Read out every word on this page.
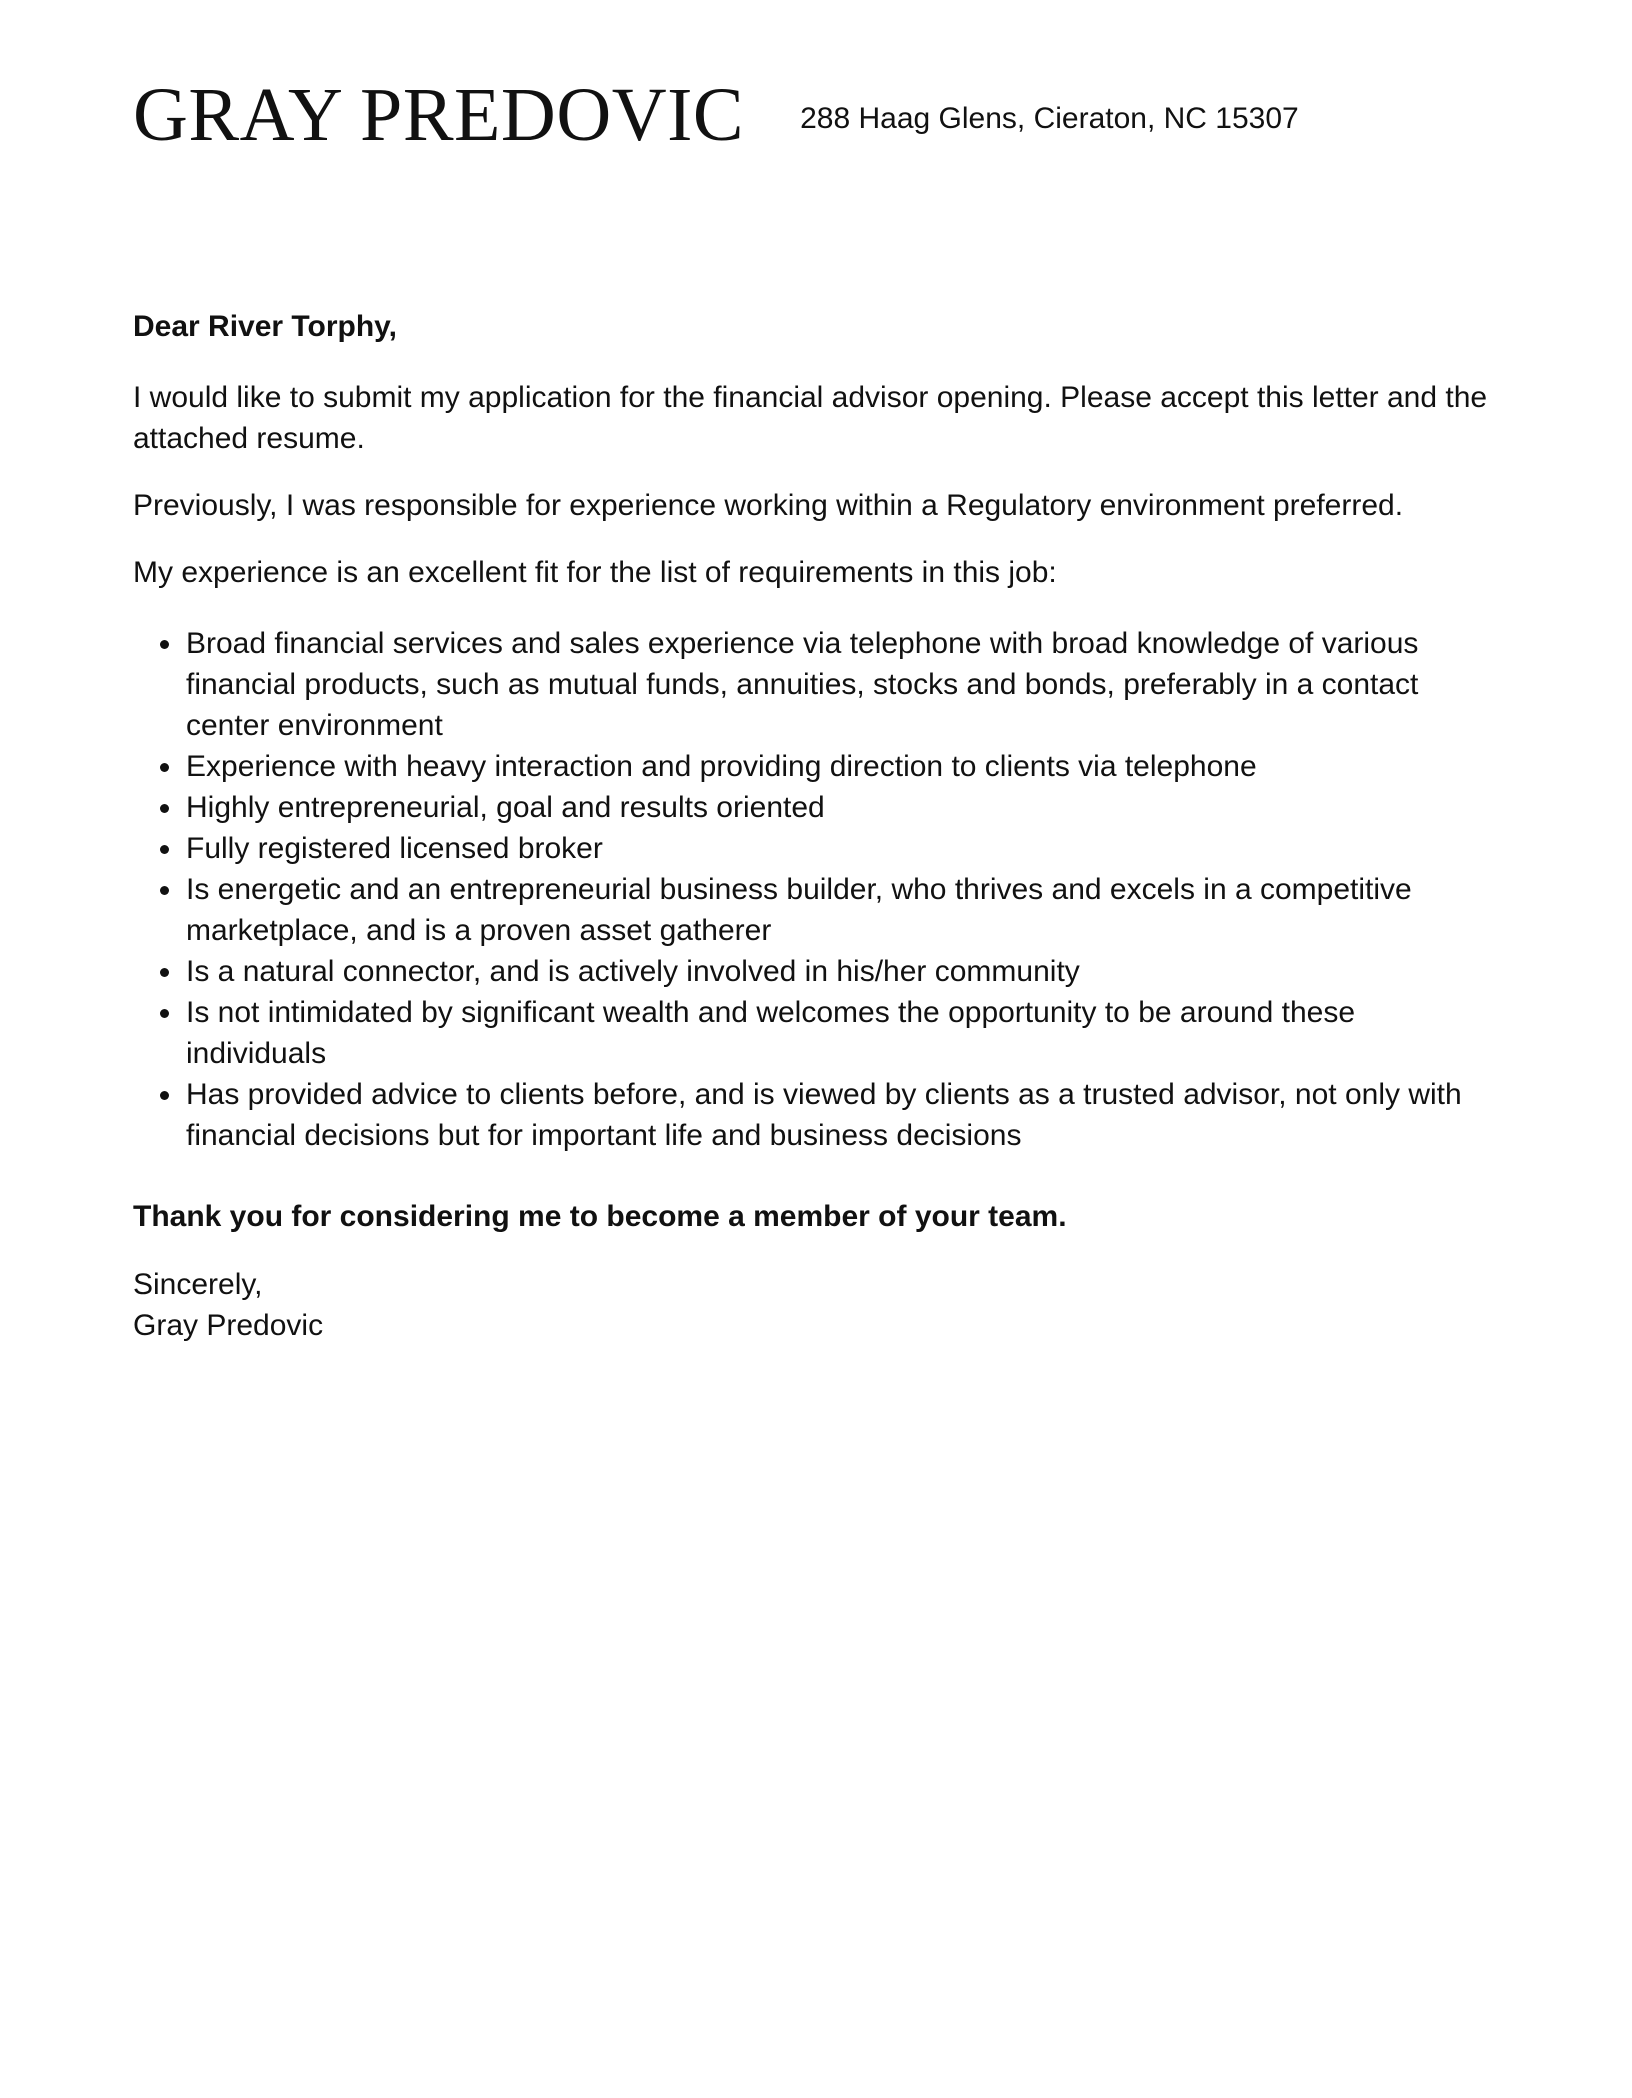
GRAY PREDOVIC 288 Haag Glens, Cieraton, NC 15307

Dear River Torphy,

I would like to submit my application for the financial advisor opening. Please accept this letter and the attached resume.

Previously, I was responsible for experience working within a Regulatory environment preferred.

My experience is an excellent fit for the list of requirements in this job:

• Broad financial services and sales experience via telephone with broad knowledge of various financial products, such as mutual funds, annuities, stocks and bonds, preferably in a contact center environment
• Experience with heavy interaction and providing direction to clients via telephone
• Highly entrepreneurial, goal and results oriented
• Fully registered licensed broker
• Is energetic and an entrepreneurial business builder, who thrives and excels in a competitive marketplace, and is a proven asset gatherer
• Is a natural connector, and is actively involved in his/her community
• Is not intimidated by significant wealth and welcomes the opportunity to be around these individuals
• Has provided advice to clients before, and is viewed by clients as a trusted advisor, not only with financial decisions but for important life and business decisions

Thank you for considering me to become a member of your team.

Sincerely,
Gray Predovic
